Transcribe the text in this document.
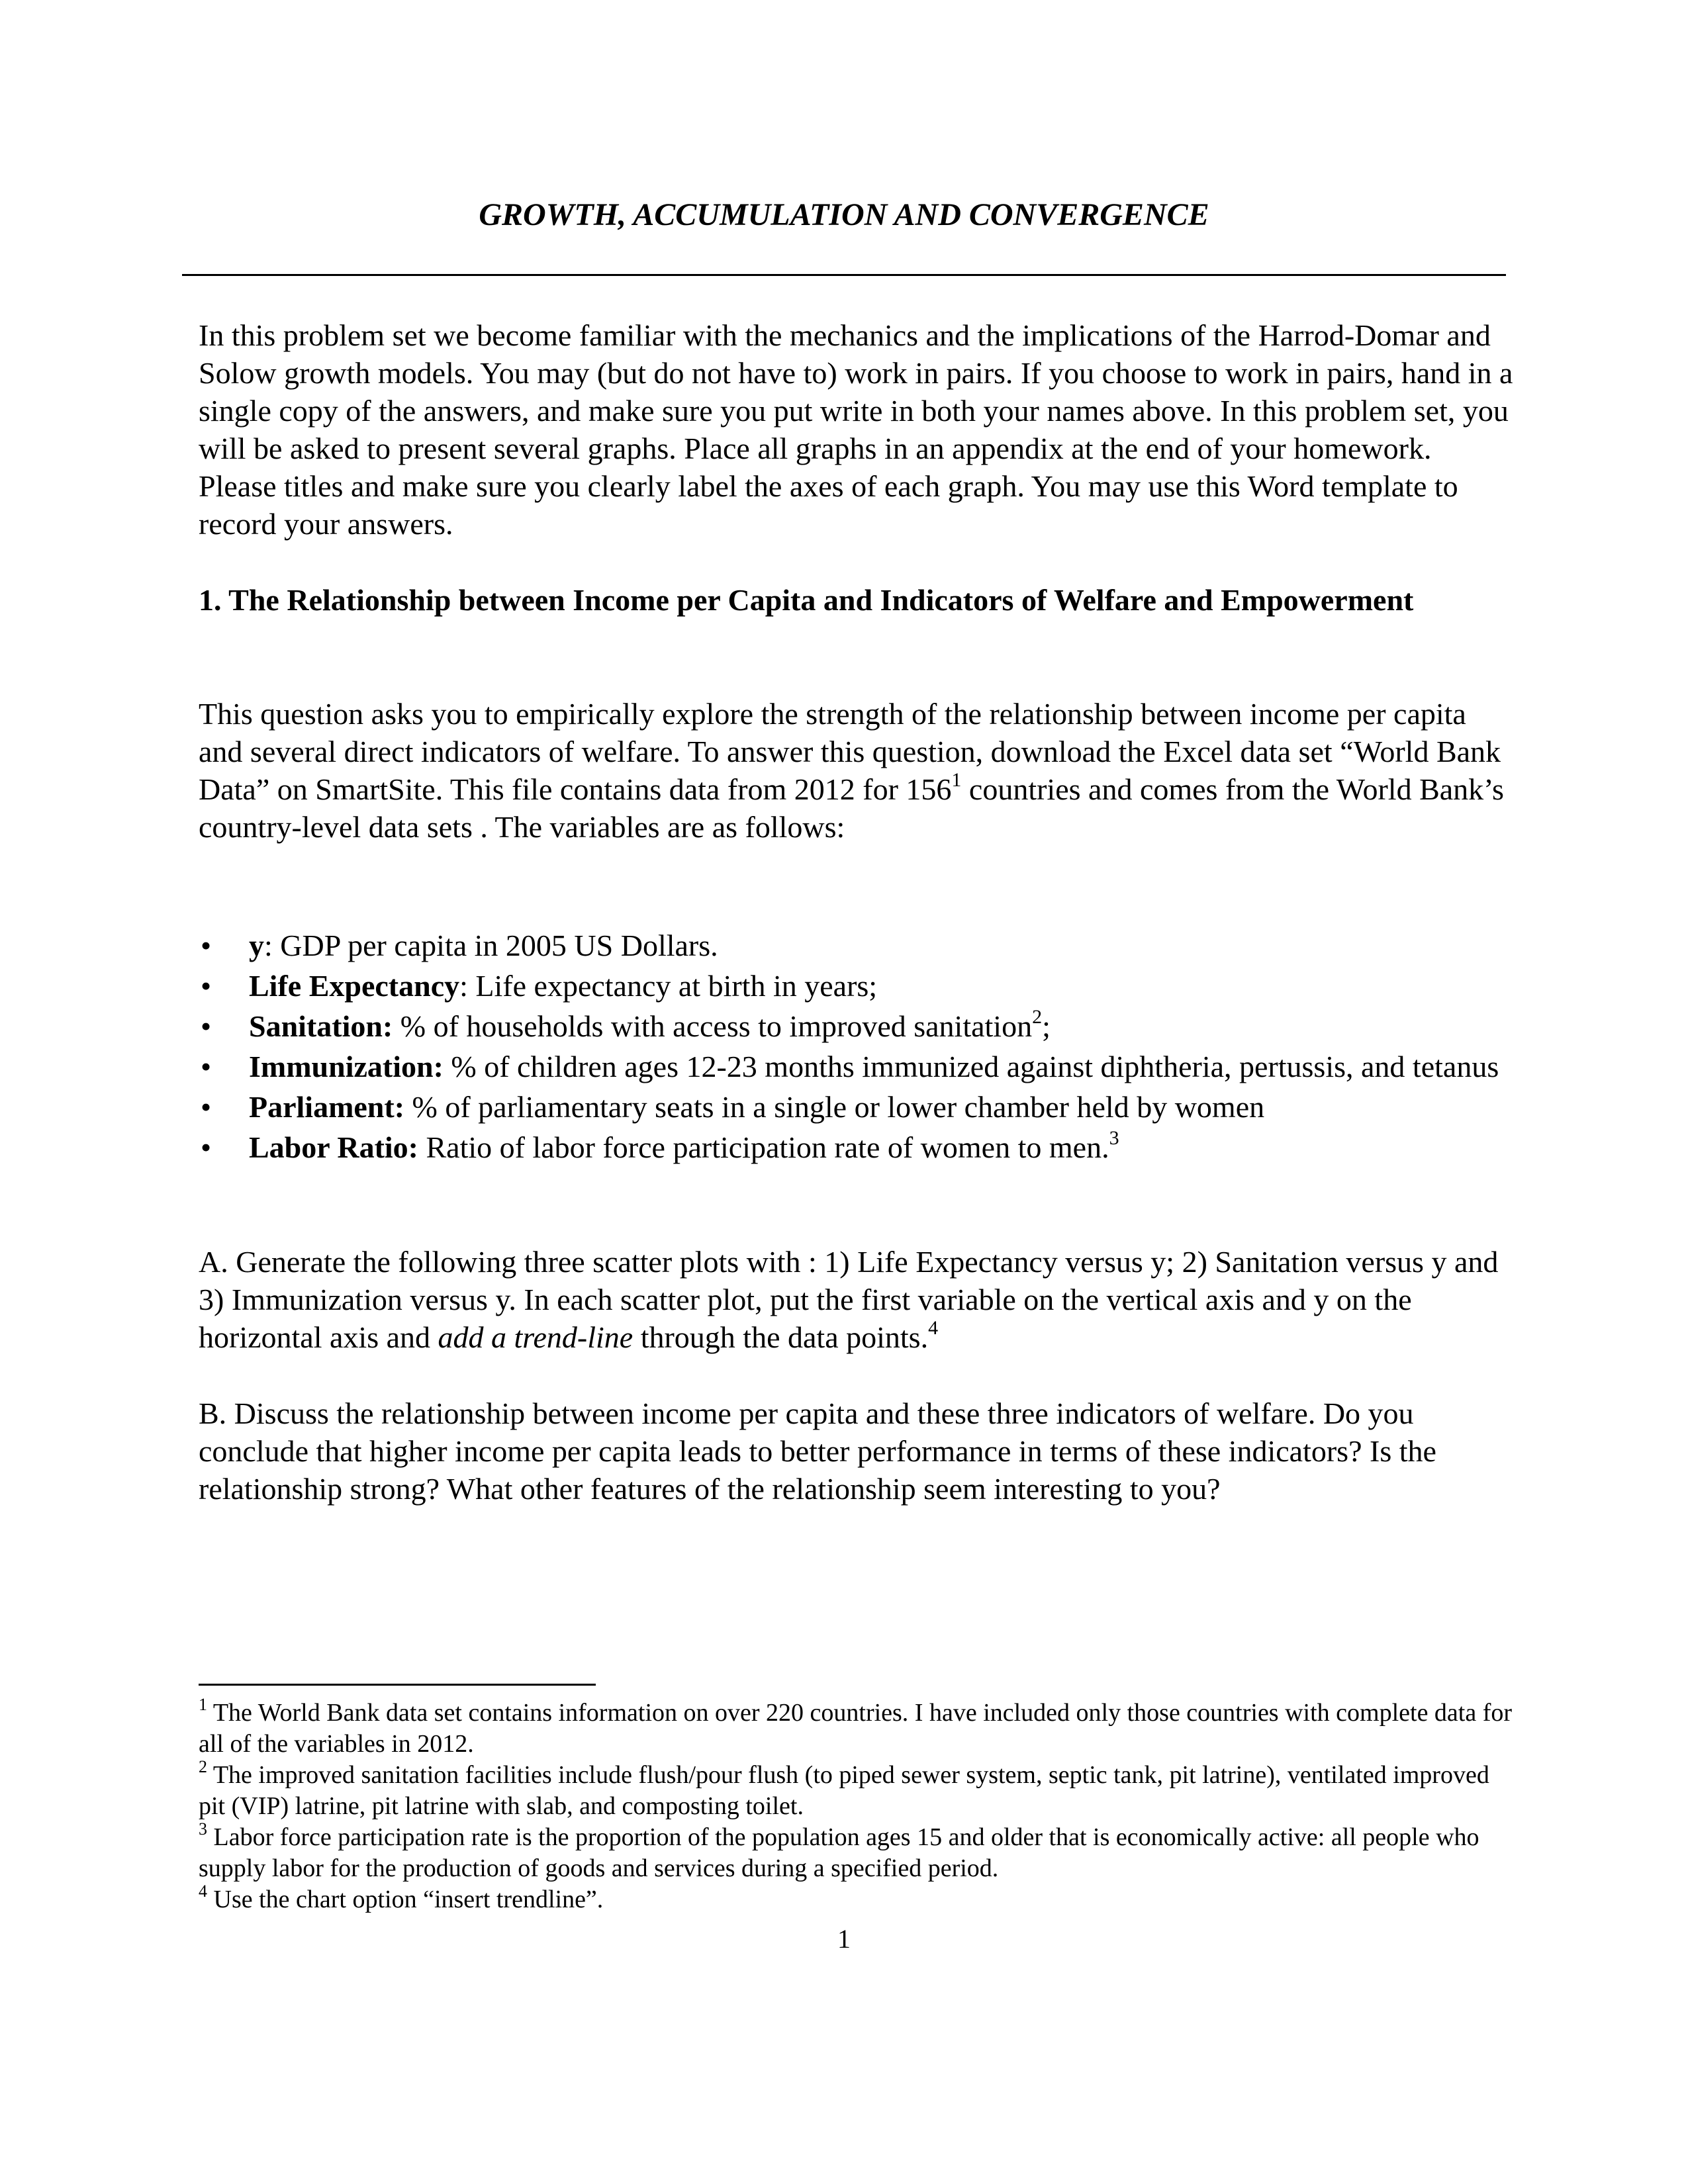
GROWTH, ACCUMULATION AND CONVERGENCE
In this problem set we become familiar with the mechanics and the implications of the Harrod-Domar and Solow growth models. You may (but do not have to) work in pairs. If you choose to work in pairs, hand in a single copy of the answers, and make sure you put write in both your names above. In this problem set, you will be asked to present several graphs. Place all graphs in an appendix at the end of your homework. Please titles and make sure you clearly label the axes of each graph. You may use this Word template to record your answers.
1. The Relationship between Income per Capita and Indicators of Welfare and Empowerment
This question asks you to empirically explore the strength of the relationship between income per capita and several direct indicators of welfare. To answer this question, download the Excel data set “World Bank Data” on SmartSite. This file contains data from 2012 for $156^1$ countries and comes from the World Bank’s country-level data sets . The variables are as follows:
• y: GDP per capita in 2005 US Dollars.
• Life Expectancy: Life expectancy at birth in years;
• Sanitation: % of households with access to improved sanitation$^2$;
• Immunization: % of children ages 12-23 months immunized against diphtheria, pertussis, and tetanus
• Parliament: % of parliamentary seats in a single or lower chamber held by women
• Labor Ratio: Ratio of labor force participation rate of women to men.$^3$
A. Generate the following three scatter plots with : 1) Life Expectancy versus y; 2) Sanitation versus y and 3) Immunization versus y. In each scatter plot, put the first variable on the vertical axis and y on the horizontal axis and add a trend-line through the data points.$^4$
B. Discuss the relationship between income per capita and these three indicators of welfare. Do you conclude that higher income per capita leads to better performance in terms of these indicators? Is the relationship strong? What other features of the relationship seem interesting to you?
$^1$ The World Bank data set contains information on over 220 countries. I have included only those countries with complete data for all of the variables in 2012.
$^2$ The improved sanitation facilities include flush/pour flush (to piped sewer system, septic tank, pit latrine), ventilated improved pit (VIP) latrine, pit latrine with slab, and composting toilet.
$^3$ Labor force participation rate is the proportion of the population ages 15 and older that is economically active: all people who supply labor for the production of goods and services during a specified period.
$^4$ Use the chart option “insert trendline”.
1
